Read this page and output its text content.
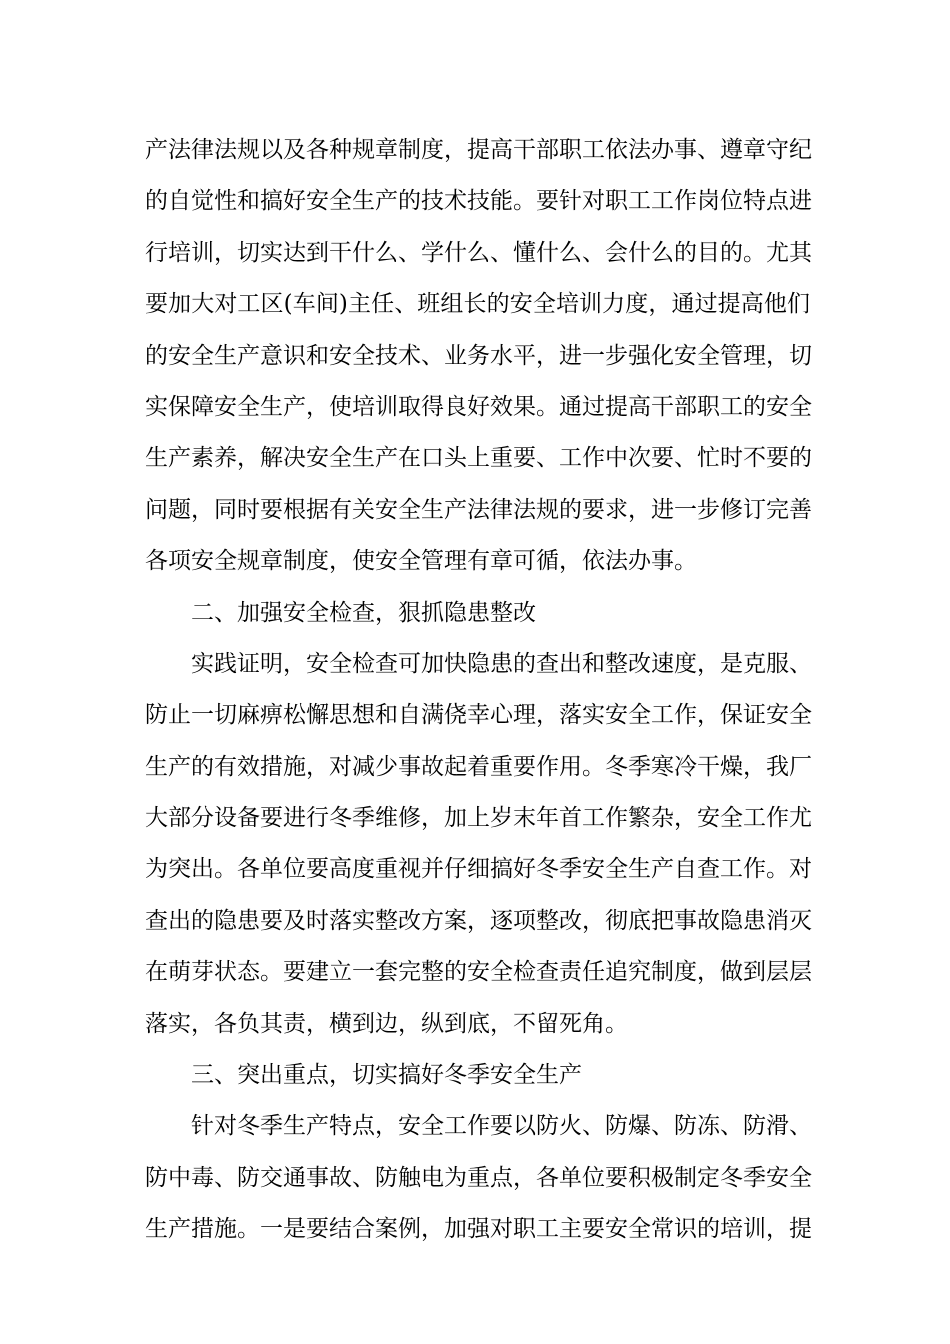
产法律法规以及各种规章制度，提高干部职工依法办事、遵章守纪
的自觉性和搞好安全生产的技术技能。要针对职工工作岗位特点进
行培训，切实达到干什么、学什么、懂什么、会什么的目的。尤其
要加大对工区(车间)主任、班组长的安全培训力度，通过提高他们
的安全生产意识和安全技术、业务水平，进一步强化安全管理，切
实保障安全生产，使培训取得良好效果。通过提高干部职工的安全
生产素养，解决安全生产在口头上重要、工作中次要、忙时不要的
问题，同时要根据有关安全生产法律法规的要求，进一步修订完善
各项安全规章制度，使安全管理有章可循，依法办事。
二、加强安全检查，狠抓隐患整改
实践证明，安全检查可加快隐患的查出和整改速度，是克服、
防止一切麻痹松懈思想和自满侥幸心理，落实安全工作，保证安全
生产的有效措施，对减少事故起着重要作用。冬季寒冷干燥，我厂
大部分设备要进行冬季维修，加上岁末年首工作繁杂，安全工作尤
为突出。各单位要高度重视并仔细搞好冬季安全生产自查工作。对
查出的隐患要及时落实整改方案，逐项整改，彻底把事故隐患消灭
在萌芽状态。要建立一套完整的安全检查责任追究制度，做到层层
落实，各负其责，横到边，纵到底，不留死角。
三、突出重点，切实搞好冬季安全生产
针对冬季生产特点，安全工作要以防火、防爆、防冻、防滑、
防中毒、防交通事故、防触电为重点，各单位要积极制定冬季安全
生产措施。一是要结合案例，加强对职工主要安全常识的培训，提
